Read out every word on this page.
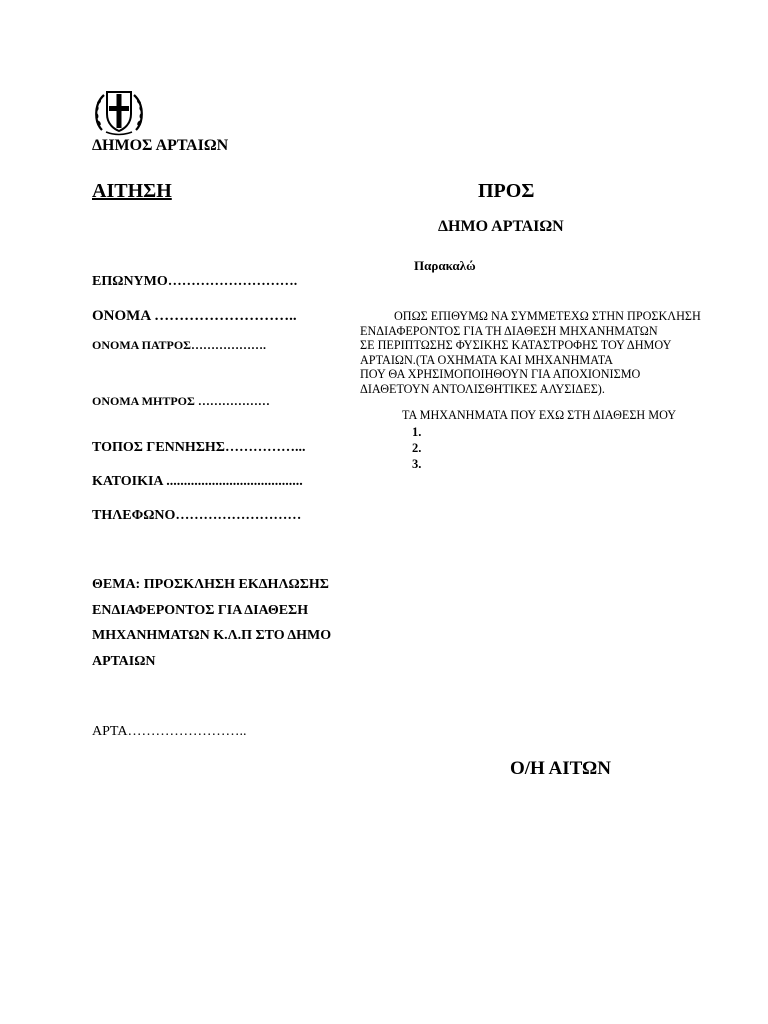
ΔΗΜΟΣ ΑΡΤΑΙΩΝ
ΑΙΤΗΣΗ	ΠΡΟΣ
ΔΗΜΟ ΑΡΤΑΙΩΝ
Παρακαλώ
ΕΠΩΝΥΜΟ……………………….
ΟΝΟΜΑ ………………………..
ΟΝΟΜΑ ΠΑΤΡΟΣ……………….
ΟΝΟΜΑ ΜΗΤΡΟΣ ………………
ΤΟΠΟΣ ΓΕΝΝΗΣΗΣ……………...
ΚΑΤΟΙΚΙΑ .......................................
ΤΗΛΕΦΩΝΟ………………………
ΟΠΩΣ ΕΠΙΘΥΜΩ ΝΑ ΣΥΜΜΕΤΕΧΩ ΣΤΗΝ ΠΡΟΣΚΛΗΣΗ
ΕΝΔΙΑΦΕΡΟΝΤΟΣ ΓΙΑ ΤΗ ΔΙΑΘΕΣΗ ΜΗΧΑΝΗΜΑΤΩΝ
ΣΕ ΠΕΡΙΠΤΩΣΗΣ ΦΥΣΙΚΗΣ ΚΑΤΑΣΤΡΟΦΗΣ ΤΟΥ ΔΗΜΟΥ
ΑΡΤΑΙΩΝ.(ΤΑ ΟΧΗΜΑΤΑ ΚΑΙ ΜΗΧΑΝΗΜΑΤΑ
ΠΟΥ ΘΑ ΧΡΗΣΙΜΟΠΟΙΗΘΟΥΝ ΓΙΑ ΑΠΟΧΙΟΝΙΣΜΟ
ΔΙΑΘΕΤΟΥΝ ΑΝΤΟΛΙΣΘΗΤΙΚΕΣ ΑΛΥΣΙΔΕΣ).
ΤΑ ΜΗΧΑΝΗΜΑΤΑ ΠΟΥ ΕΧΩ ΣΤΗ ΔΙΑΘΕΣΗ ΜΟΥ
1.
2.
3.
ΘΕΜΑ: ΠΡΟΣΚΛΗΣΗ ΕΚΔΗΛΩΣΗΣ
ΕΝΔΙΑΦΕΡΟΝΤΟΣ ΓΙΑ ΔΙΑΘΕΣΗ
ΜΗΧΑΝΗΜΑΤΩΝ Κ.Λ.Π ΣΤΟ ΔΗΜΟ
ΑΡΤΑΙΩΝ
ΑΡΤΑ……………………..
Ο/Η ΑΙΤΩΝ
